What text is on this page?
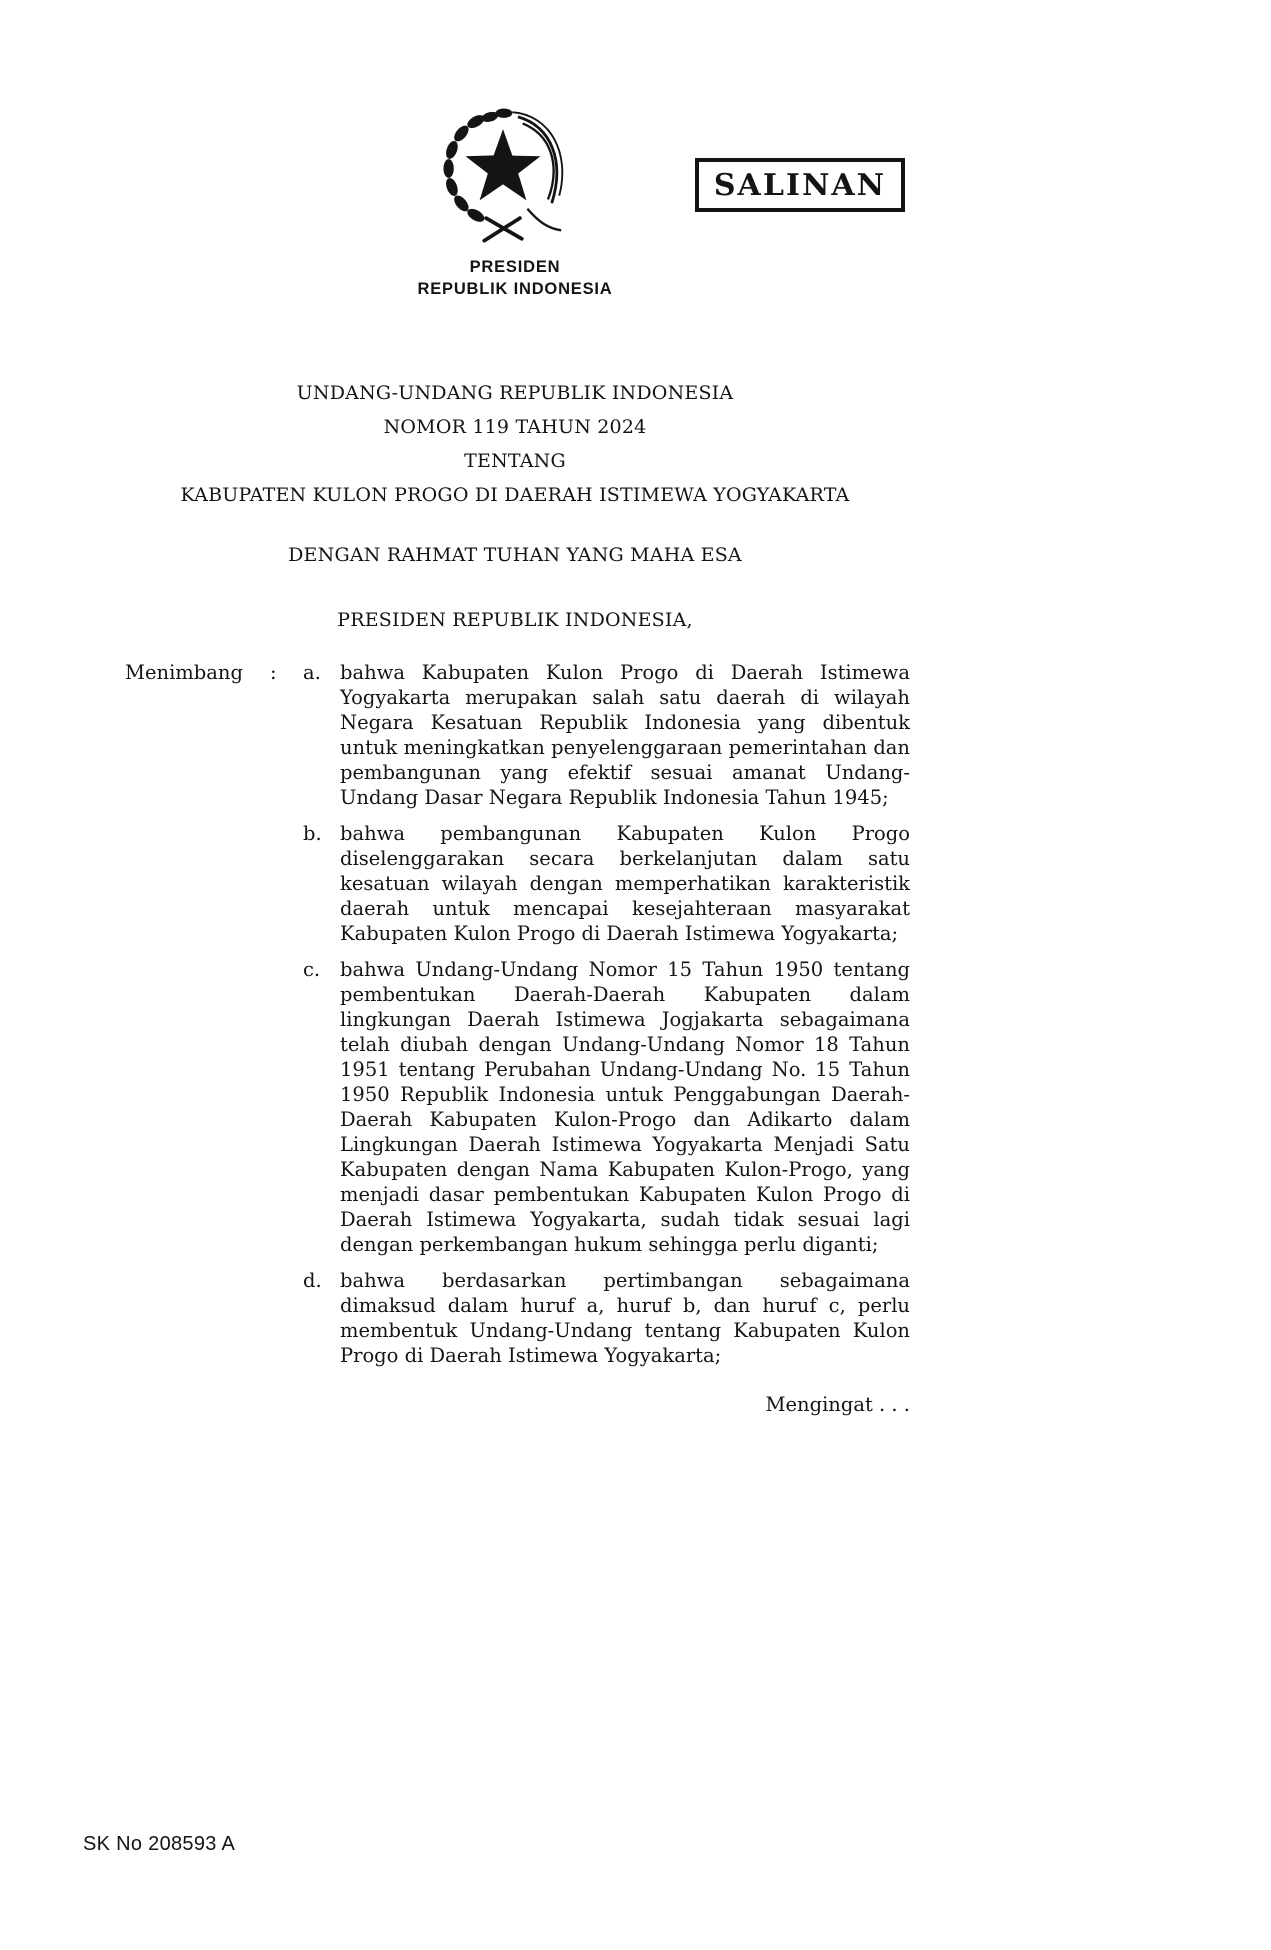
SALINAN
PRESIDEN
REPUBLIK INDONESIA
UNDANG-UNDANG REPUBLIK INDONESIA
NOMOR 119 TAHUN 2024
TENTANG
KABUPATEN KULON PROGO DI DAERAH ISTIMEWA YOGYAKARTA
DENGAN RAHMAT TUHAN YANG MAHA ESA
PRESIDEN REPUBLIK INDONESIA,
Menimbang	:	a. bahwa Kabupaten Kulon Progo di Daerah Istimewa Yogyakarta merupakan salah satu daerah di wilayah Negara Kesatuan Republik Indonesia yang dibentuk untuk meningkatkan penyelenggaraan pemerintahan dan pembangunan yang efektif sesuai amanat Undang-Undang Dasar Negara Republik Indonesia Tahun 1945;
b. bahwa pembangunan Kabupaten Kulon Progo diselenggarakan secara berkelanjutan dalam satu kesatuan wilayah dengan memperhatikan karakteristik daerah untuk mencapai kesejahteraan masyarakat Kabupaten Kulon Progo di Daerah Istimewa Yogyakarta;
c.	bahwa Undang-Undang Nomor 15 Tahun 1950 tentang pembentukan Daerah-Daerah Kabupaten dalam lingkungan Daerah Istimewa Jogjakarta sebagaimana telah diubah dengan Undang-Undang Nomor 18 Tahun 1951 tentang Perubahan Undang-Undang No. 15 Tahun 1950 Republik Indonesia untuk Penggabungan Daerah-Daerah Kabupaten Kulon-Progo dan Adikarto dalam Lingkungan Daerah Istimewa Yogyakarta Menjadi Satu Kabupaten dengan Nama Kabupaten Kulon-Progo, yang menjadi dasar pembentukan Kabupaten Kulon Progo di Daerah Istimewa Yogyakarta, sudah tidak sesuai lagi dengan perkembangan hukum sehingga perlu diganti;
d. bahwa berdasarkan pertimbangan sebagaimana dimaksud dalam huruf a, huruf b, dan huruf c, perlu membentuk Undang-Undang tentang Kabupaten Kulon Progo di Daerah Istimewa Yogyakarta;
Mengingat . . .
SK No 208593 A
